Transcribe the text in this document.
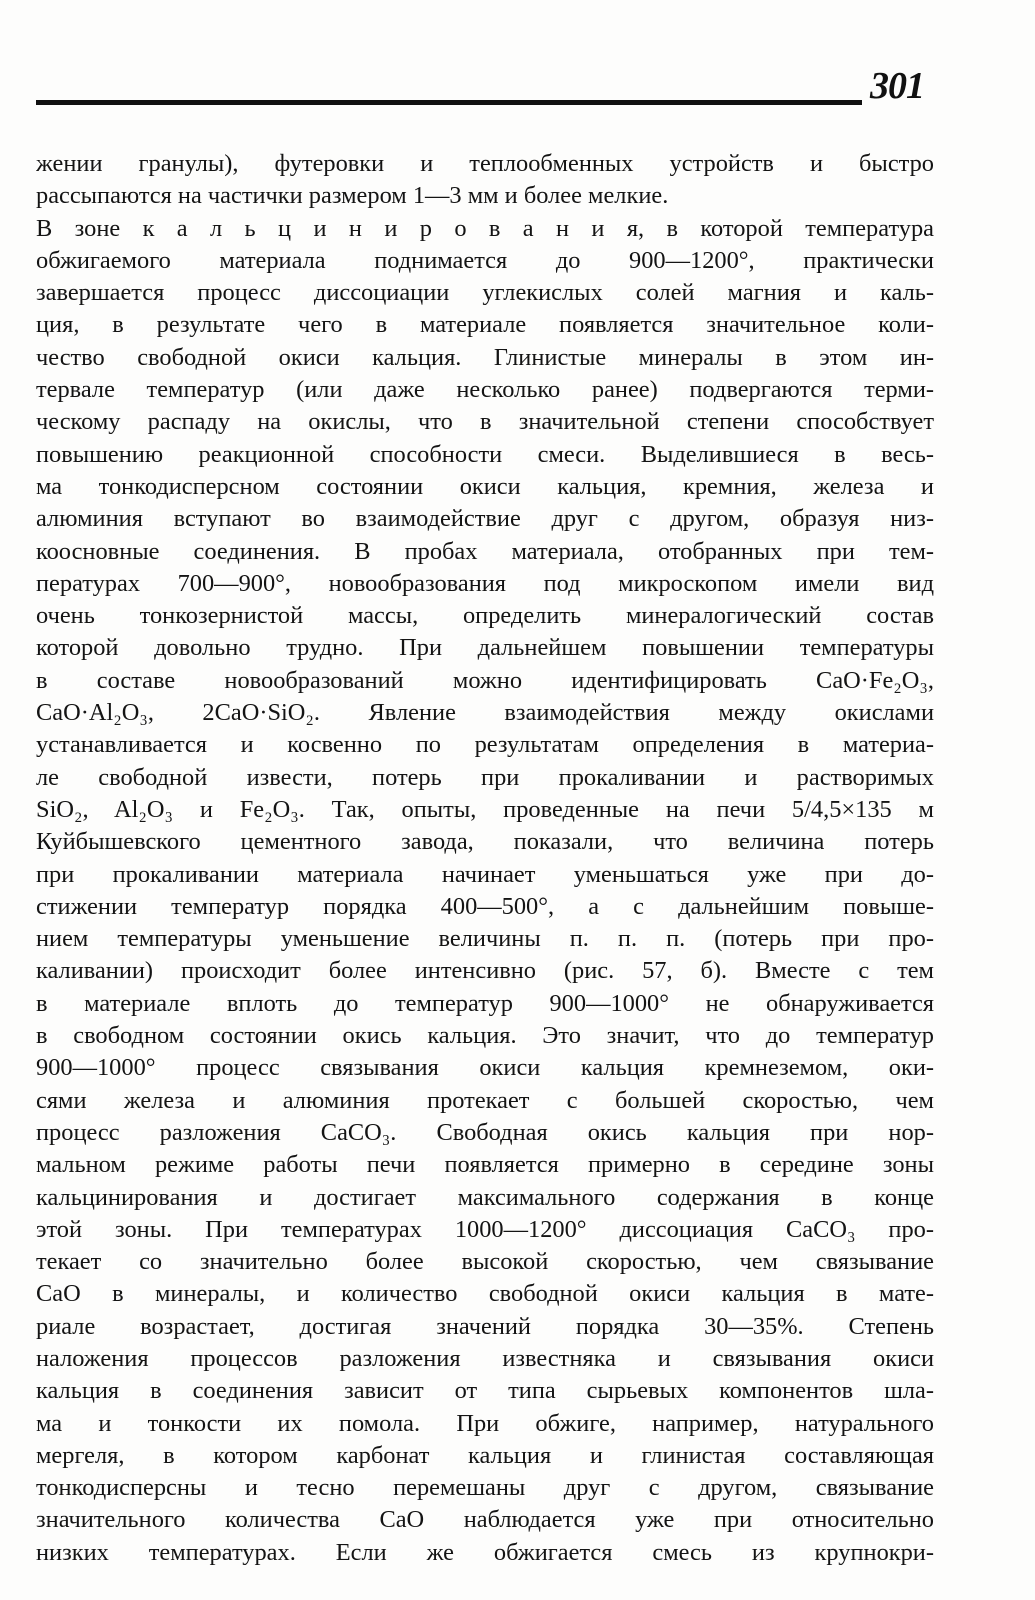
301
жении гранулы), футеровки и теплообменных устройств и быстро
рассыпаются на частички размером 1—3 мм и более мелкие.
В зоне к а л ь ц и н и р о в а н и я, в которой температура
обжигаемого материала поднимается до 900—1200°, практически
завершается процесс диссоциации углекислых солей магния и каль-
ция, в результате чего в материале появляется значительное коли-
чество свободной окиси кальция. Глинистые минералы в этом ин-
тервале температур (или даже несколько ранее) подвергаются терми-
ческому распаду на окислы, что в значительной степени способствует
повышению реакционной способности смеси. Выделившиеся в весь-
ма тонкодисперсном состоянии окиси кальция, кремния, железа и
алюминия вступают во взаимодействие друг с другом, образуя низ-
коосновные соединения. В пробах материала, отобранных при тем-
пературах 700—900°, новообразования под микроскопом имели вид
очень тонкозернистой массы, определить минералогический состав
которой довольно трудно. При дальнейшем повышении температуры
в составе новообразований можно идентифицировать CaO·Fe₂O₃,
CaO·Al₂O₃, 2CaO·SiO₂. Явление взаимодействия между окислами
устанавливается и косвенно по результатам определения в материа-
ле свободной извести, потерь при прокаливании и растворимых
SiO₂, Al₂O₃ и Fe₂O₃. Так, опыты, проведенные на печи 5/4,5×135 м
Куйбышевского цементного завода, показали, что величина потерь
при прокаливании материала начинает уменьшаться уже при до-
стижении температур порядка 400—500°, а с дальнейшим повыше-
нием температуры уменьшение величины п. п. п. (потерь при про-
каливании) происходит более интенсивно (рис. 57, б). Вместе с тем
в материале вплоть до температур 900—1000° не обнаруживается
в свободном состоянии окись кальция. Это значит, что до температур
900—1000° процесс связывания окиси кальция кремнеземом, оки-
сями железа и алюминия протекает с большей скоростью, чем
процесс разложения CaCO₃. Свободная окись кальция при нор-
мальном режиме работы печи появляется примерно в середине зоны
кальцинирования и достигает максимального содержания в конце
этой зоны. При температурах 1000—1200° диссоциация CaCO₃ про-
текает со значительно более высокой скоростью, чем связывание
CaO в минералы, и количество свободной окиси кальция в мате-
риале возрастает, достигая значений порядка 30—35%. Степень
наложения процессов разложения известняка и связывания окиси
кальция в соединения зависит от типа сырьевых компонентов шла-
ма и тонкости их помола. При обжиге, например, натурального
мергеля, в котором карбонат кальция и глинистая составляющая
тонкодисперсны и тесно перемешаны друг с другом, связывание
значительного количества CaO наблюдается уже при относительно
низких температурах. Если же обжигается смесь из крупнокри-
